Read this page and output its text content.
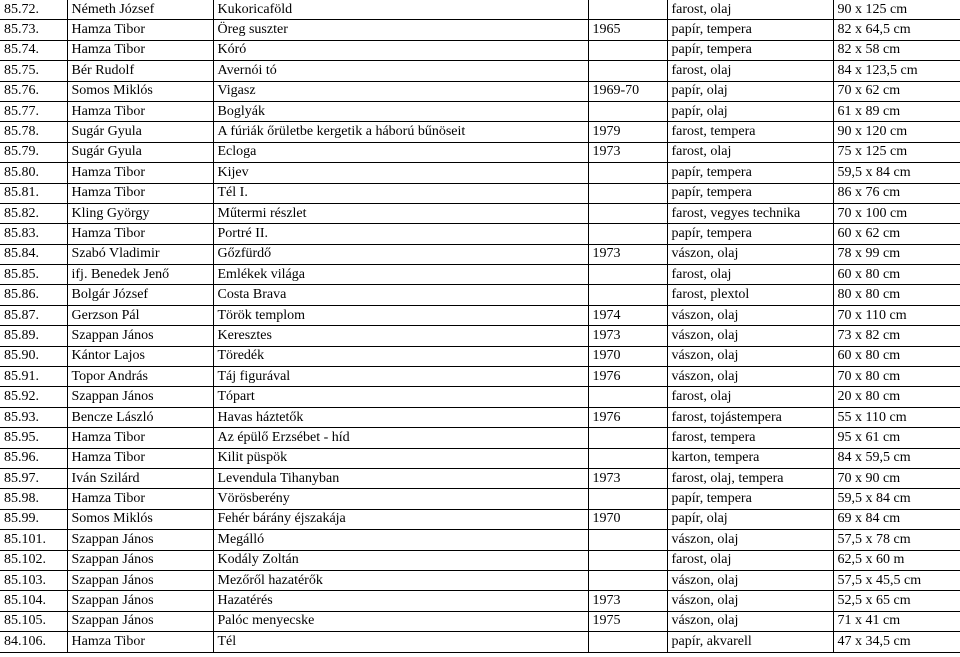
85.72.	Németh József	Kukoricaföld		farost, olaj	90 x 125 cm
85.73.	Hamza Tibor	Öreg suszter	1965	papír, tempera	82 x 64,5 cm
85.74.	Hamza Tibor	Kóró		papír, tempera	82 x 58 cm
85.75.	Bér Rudolf	Avernói tó		farost, olaj	84 x 123,5 cm
85.76.	Somos Miklós	Vigasz	1969-70	papír, olaj	70 x 62 cm
85.77.	Hamza Tibor	Boglyák		papír, olaj	61 x 89 cm
85.78.	Sugár Gyula	A fúriák őrületbe kergetik a háború bűnöseit	1979	farost, tempera	90 x 120 cm
85.79.	Sugár Gyula	Ecloga	1973	farost, olaj	75 x 125 cm
85.80.	Hamza Tibor	Kijev		papír, tempera	59,5 x 84 cm
85.81.	Hamza Tibor	Tél I.		papír, tempera	86 x 76 cm
85.82.	Kling György	Műtermi részlet		farost, vegyes technika	70 x 100 cm
85.83.	Hamza Tibor	Portré II.		papír, tempera	60 x 62 cm
85.84.	Szabó Vladimir	Gőzfürdő	1973	vászon, olaj	78 x 99 cm
85.85.	ifj. Benedek Jenő	Emlékek világa		farost, olaj	60 x 80 cm
85.86.	Bolgár József	Costa Brava		farost, plextol	80 x 80 cm
85.87.	Gerzson Pál	Török templom	1974	vászon, olaj	70 x 110 cm
85.89.	Szappan János	Keresztes	1973	vászon, olaj	73 x 82 cm
85.90.	Kántor Lajos	Töredék	1970	vászon, olaj	60 x 80 cm
85.91.	Topor András	Táj figurával	1976	vászon, olaj	70 x 80 cm
85.92.	Szappan János	Tópart		farost, olaj	20 x 80 cm
85.93.	Bencze László	Havas háztetők	1976	farost, tojástempera	55 x 110 cm
85.95.	Hamza Tibor	Az épülő Erzsébet - híd		farost, tempera	95 x 61 cm
85.96.	Hamza Tibor	Kilit püspök		karton, tempera	84 x 59,5 cm
85.97.	Iván Szilárd	Levendula Tihanyban	1973	farost, olaj, tempera	70 x 90 cm
85.98.	Hamza Tibor	Vörösberény		papír, tempera	59,5 x 84 cm
85.99.	Somos Miklós	Fehér bárány éjszakája	1970	papír, olaj	69 x 84 cm
85.101.	Szappan János	Megálló		vászon, olaj	57,5 x 78 cm
85.102.	Szappan János	Kodály Zoltán		farost, olaj	62,5 x 60 m
85.103.	Szappan János	Mezőről hazatérők		vászon, olaj	57,5 x 45,5 cm
85.104.	Szappan János	Hazatérés	1973	vászon, olaj	52,5 x 65 cm
85.105.	Szappan János	Palóc menyecske	1975	vászon, olaj	71 x 41 cm
84.106.	Hamza Tibor	Tél		papír, akvarell	47 x 34,5 cm
